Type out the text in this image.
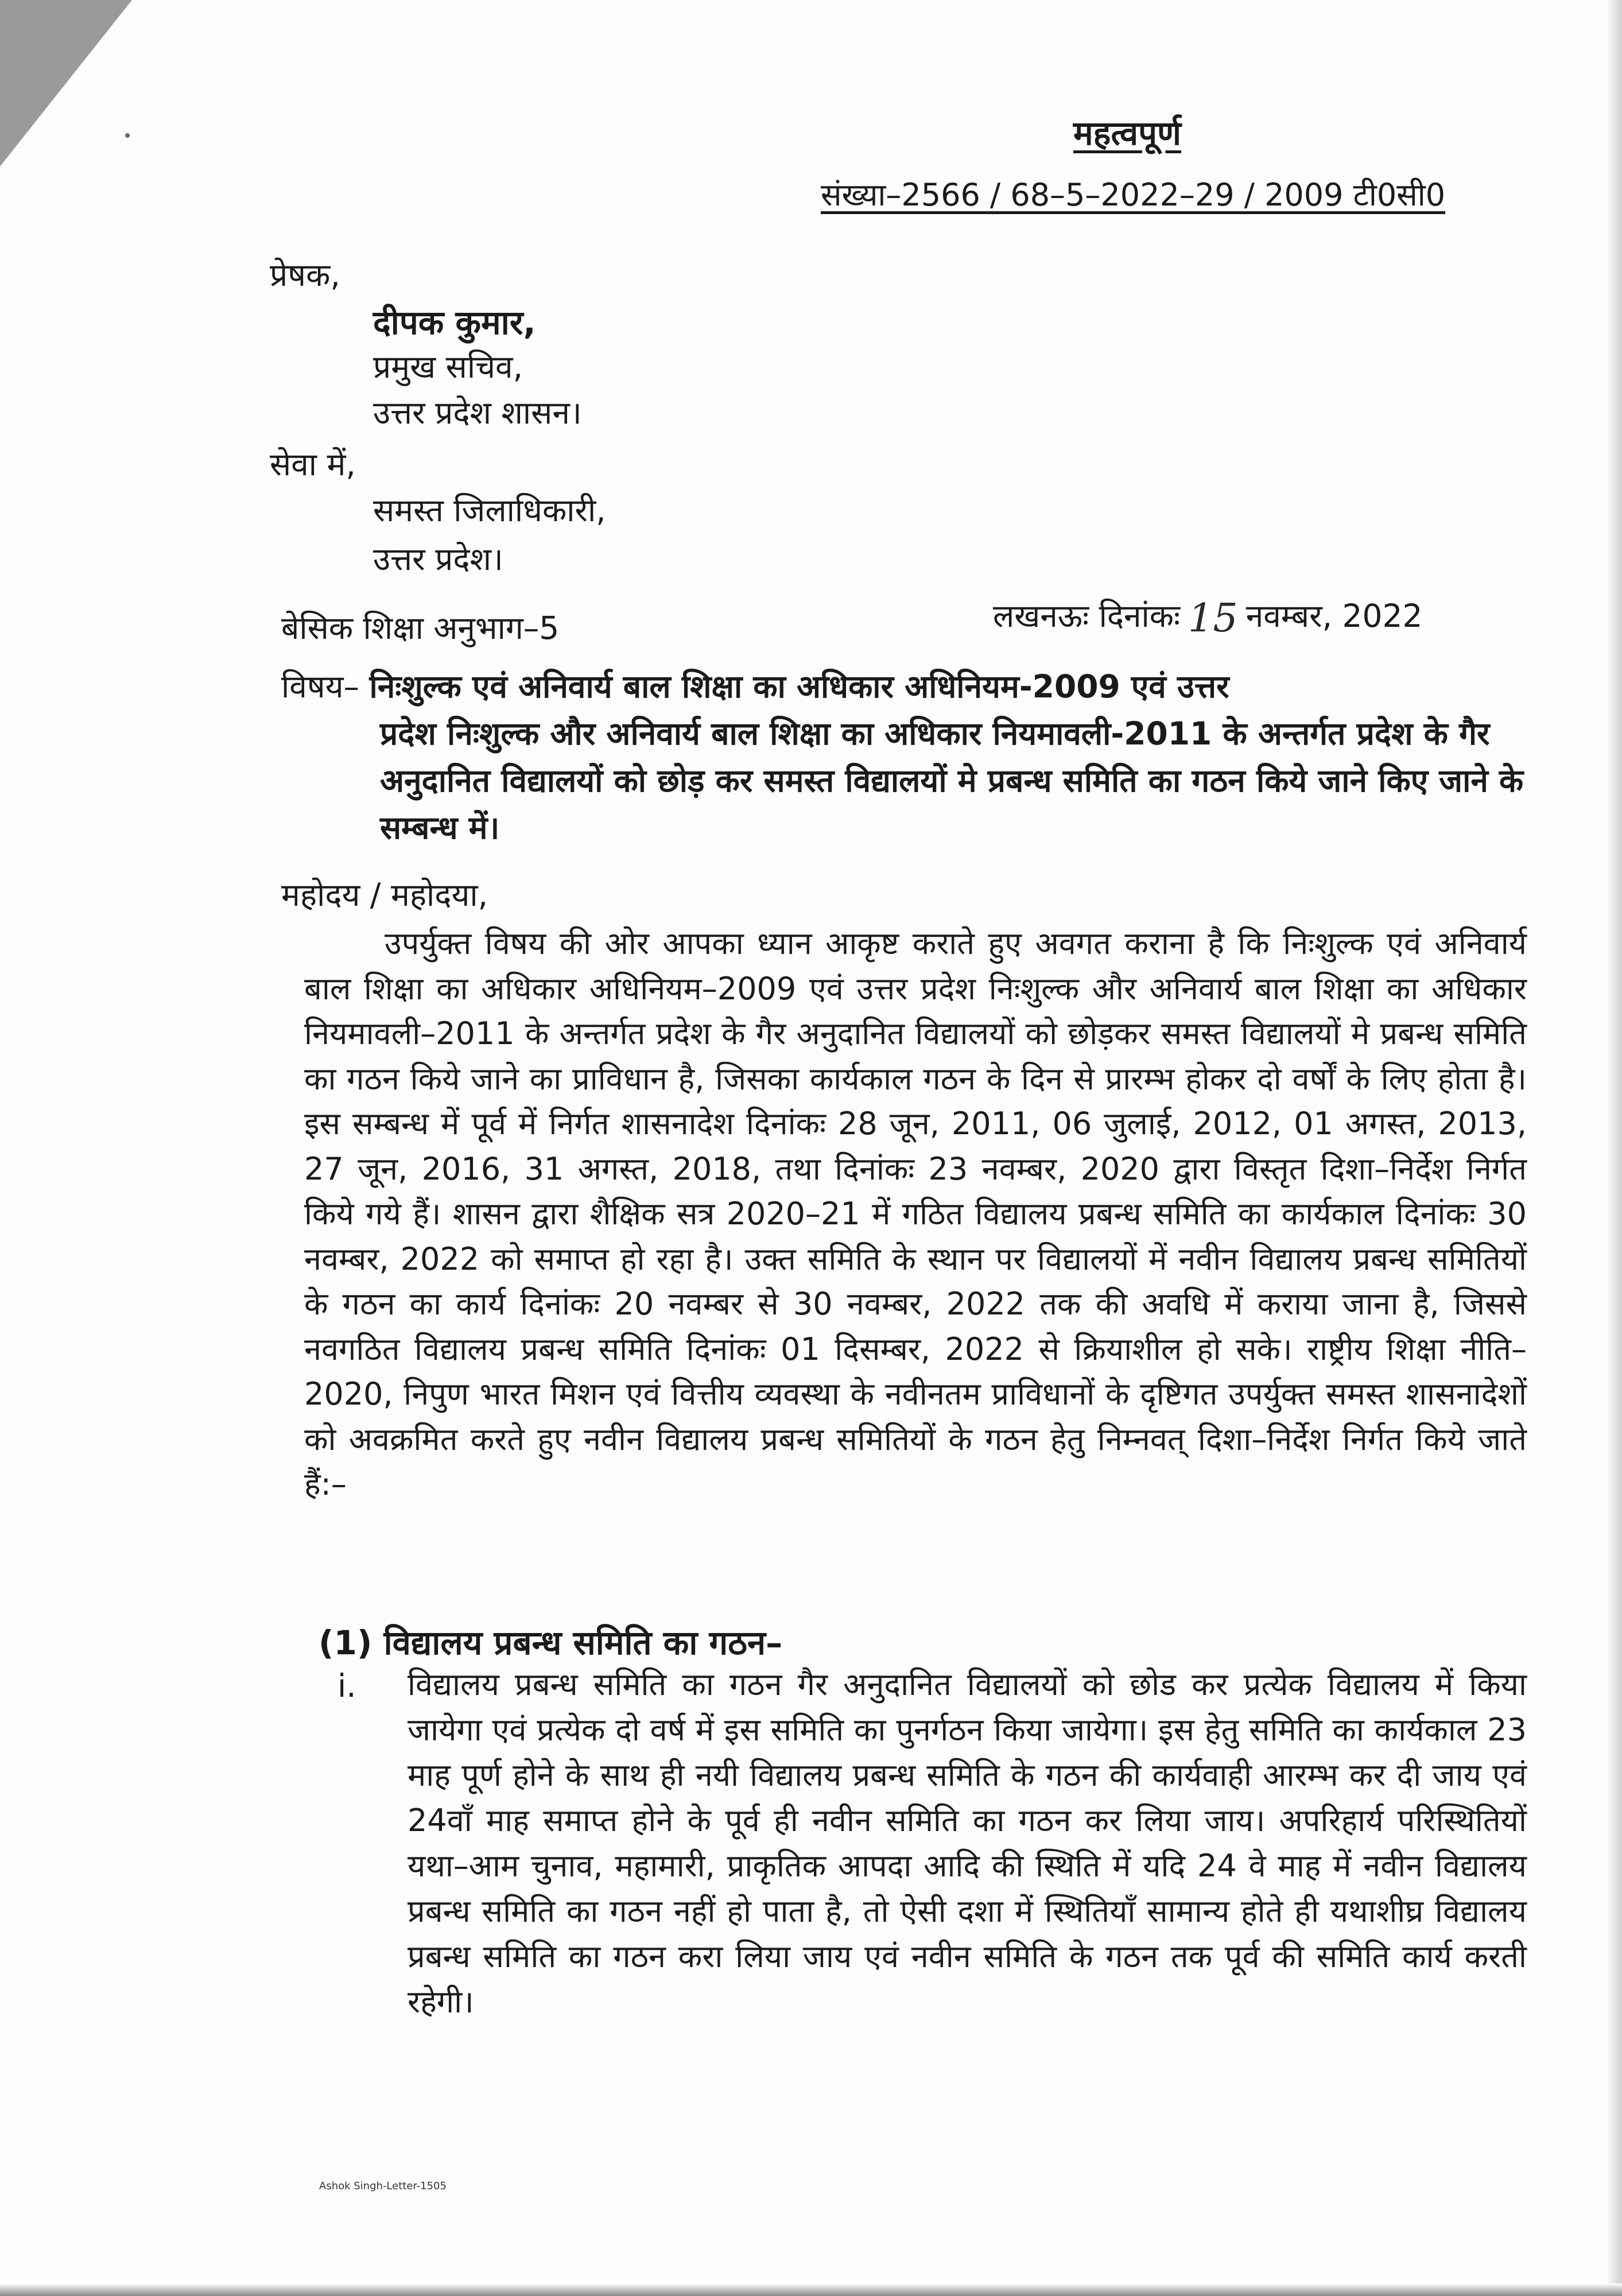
महत्वपूर्ण
संख्या–2566 / 68–5–2022–29 / 2009 टी0सी0
प्रेषक,
दीपक कुमार,
प्रमुख सचिव,
उत्तर प्रदेश शासन।
सेवा में,
समस्त जिलाधिकारी,
उत्तर प्रदेश।
बेसिक शिक्षा अनुभाग–5	लखनऊः दिनांकः 15 नवम्बर, 2022
विषय– निःशुल्क एवं अनिवार्य बाल शिक्षा का अधिकार अधिनियम-2009 एवं उत्तर
प्रदेश निःशुल्क और अनिवार्य बाल शिक्षा का अधिकार नियमावली-2011 के अन्तर्गत प्रदेश के गैर अनुदानित विद्यालयों को छोड़ कर समस्त विद्यालयों मे प्रबन्ध समिति का गठन किये जाने किए जाने के सम्बन्ध में।
महोदय / महोदया,
उपर्युक्त विषय की ओर आपका ध्यान आकृष्ट कराते हुए अवगत कराना है कि निःशुल्क एवं अनिवार्य बाल शिक्षा का अधिकार अधिनियम–2009 एवं उत्तर प्रदेश निःशुल्क और अनिवार्य बाल शिक्षा का अधिकार नियमावली–2011 के अन्तर्गत प्रदेश के गैर अनुदानित विद्यालयों को छोड़कर समस्त विद्यालयों मे प्रबन्ध समिति का गठन किये जाने का प्राविधान है, जिसका कार्यकाल गठन के दिन से प्रारम्भ होकर दो वर्षों के लिए होता है। इस सम्बन्ध में पूर्व में निर्गत शासनादेश दिनांकः 28 जून, 2011, 06 जुलाई, 2012, 01 अगस्त, 2013, 27 जून, 2016, 31 अगस्त, 2018, तथा दिनांकः 23 नवम्बर, 2020 द्वारा विस्तृत दिशा–निर्देश निर्गत किये गये हैं। शासन द्वारा शैक्षिक सत्र 2020–21 में गठित विद्यालय प्रबन्ध समिति का कार्यकाल दिनांकः 30 नवम्बर, 2022 को समाप्त हो रहा है। उक्त समिति के स्थान पर विद्यालयों में नवीन विद्यालय प्रबन्ध समितियों के गठन का कार्य दिनांकः 20 नवम्बर से 30 नवम्बर, 2022 तक की अवधि में कराया जाना है, जिससे नवगठित विद्यालय प्रबन्ध समिति दिनांकः 01 दिसम्बर, 2022 से क्रियाशील हो सके। राष्ट्रीय शिक्षा नीति–2020, निपुण भारत मिशन एवं वित्तीय व्यवस्था के नवीनतम प्राविधानों के दृष्टिगत उपर्युक्त समस्त शासनादेशों को अवक्रमित करते हुए नवीन विद्यालय प्रबन्ध समितियों के गठन हेतु निम्नवत् दिशा–निर्देश निर्गत किये जाते हैं:–
(1) विद्यालय प्रबन्ध समिति का गठन–
i. विद्यालय प्रबन्ध समिति का गठन गैर अनुदानित विद्यालयों को छोड कर प्रत्येक विद्यालय में किया जायेगा एवं प्रत्येक दो वर्ष में इस समिति का पुनर्गठन किया जायेगा। इस हेतु समिति का कार्यकाल 23 माह पूर्ण होने के साथ ही नयी विद्यालय प्रबन्ध समिति के गठन की कार्यवाही आरम्भ कर दी जाय एवं 24वाँ माह समाप्त होने के पूर्व ही नवीन समिति का गठन कर लिया जाय। अपरिहार्य परिस्थितियों यथा–आम चुनाव, महामारी, प्राकृतिक आपदा आदि की स्थिति में यदि 24 वे माह में नवीन विद्यालय प्रबन्ध समिति का गठन नहीं हो पाता है, तो ऐसी दशा में स्थितियाँ सामान्य होते ही यथाशीघ्र विद्यालय प्रबन्ध समिति का गठन करा लिया जाय एवं नवीन समिति के गठन तक पूर्व की समिति कार्य करती रहेगी।
Ashok Singh-Letter-1505
